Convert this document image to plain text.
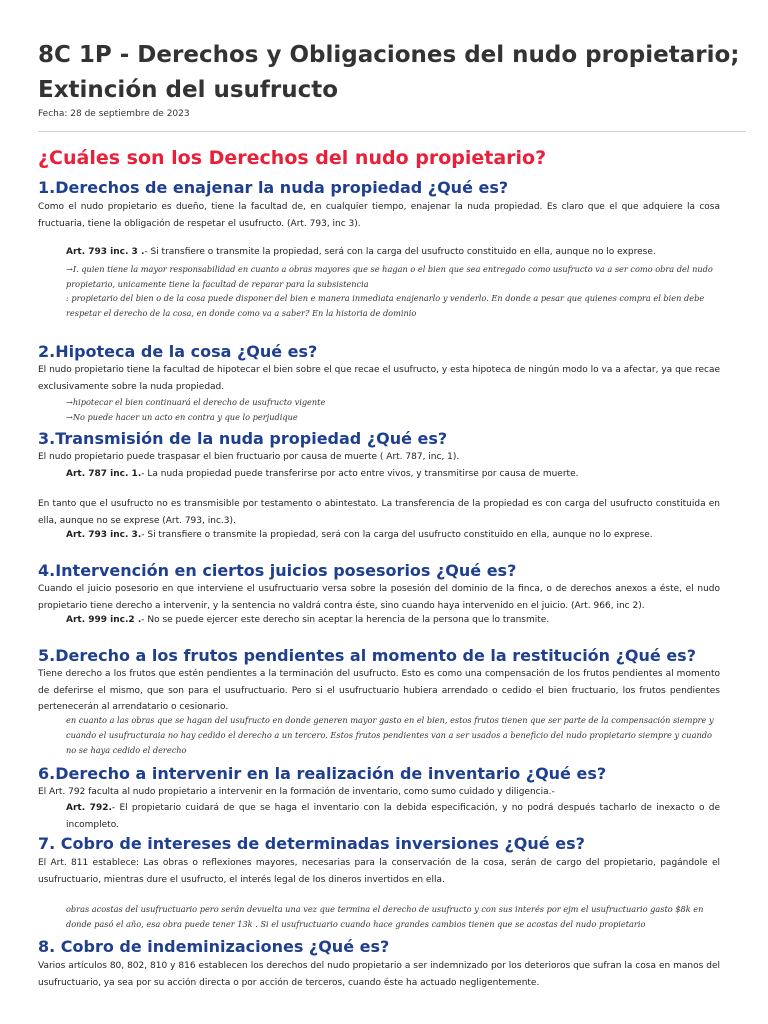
8C 1P - Derechos y Obligaciones del nudo propietario; Extinción del usufructo
Fecha: 28 de septiembre de 2023
¿Cuáles son los Derechos del nudo propietario?
1.Derechos de enajenar la nuda propiedad ¿Qué es?

Como el nudo propietario es dueño, tiene la facultad de, en cualquier tiempo, enajenar la nuda propiedad. Es claro que el que adquiere la cosa fructuaria, tiene la obligación de respetar el usufructo. (Art. 793, inc 3).

Art. 793 inc. 3 .- Si transfiere o transmite la propiedad, será con la carga del usufructo constituido en ella, aunque no lo exprese.

→I. quien tiene la mayor responsabilidad en cuanto a obras mayores que se hagan o el bien que sea entregado como usufructo va a ser como obra del nudo propietario, unicamente tiene la facultad de reparar para la subsistencia

: propietario del bien o de la cosa puede disponer del bien e manera inmediata enajenarlo y venderlo. En donde a pesar que quienes compra el bien debe respetar el derecho de la cosa, en donde como va a saber? En la historia de dominio

2.Hipoteca de la cosa ¿Qué es?

El nudo propietario tiene la facultad de hipotecar el bien sobre el que recae el usufructo, y esta hipoteca de ningún modo lo va a afectar, ya que recae exclusivamente sobre la nuda propiedad.

→hipotecar el bien continuará el derecho de usufructo vigente

→No puede hacer un acto en contra y que lo perjudique

3.Transmisión de la nuda propiedad ¿Qué es?

El nudo propietario puede traspasar el bien fructuario por causa de muerte ( Art. 787, inc, 1).

Art. 787 inc. 1.- La nuda propiedad puede transferirse por acto entre vivos, y transmitirse por causa de muerte.

En tanto que el usufructo no es transmisible por testamento o abintestato. La transferencia de la propiedad es con carga del usufructo constituida en ella, aunque no se exprese (Art. 793, inc.3).

Art. 793 inc. 3.- Si transfiere o transmite la propiedad, será con la carga del usufructo constituido en ella, aunque no lo exprese.

4.Intervención en ciertos juicios posesorios ¿Qué es?

Cuando el juicio posesorio en que interviene el usufructuario versa sobre la posesión del dominio de la finca, o de derechos anexos a éste, el nudo propietario tiene derecho a intervenir, y la sentencia no valdrá contra éste, sino cuando haya intervenido en el juicio. (Art. 966, inc 2).

Art. 999 inc.2 .- No se puede ejercer este derecho sin aceptar la herencia de la persona que lo transmite.

5.Derecho a los frutos pendientes al momento de la restitución ¿Qué es?

Tiene derecho a los frutos que estén pendientes a la terminación del usufructo. Esto es como una compensación de los frutos pendientes al momento de deferirse el mismo, que son para el usufructuario. Pero si el usufructuario hubiera arrendado o cedido el bien fructuario, los frutos pendientes pertenecerán al arrendatario o cesionario.

en cuanto a las obras que se hagan del usufructo en donde generen mayor gasto en el bien, estos frutos tienen que ser parte de la compensación siempre y cuando el usufructuraia no hay cedido el derecho a un tercero. Estos frutos pendientes van a ser usados a beneficio del nudo propietario siempre y cuando no se haya cedido el derecho

6.Derecho a intervenir en la realización de inventario ¿Qué es?

El Art. 792 faculta al nudo propietario a intervenir en la formación de inventario, como sumo cuidado y diligencia.-

Art. 792.- El propietario cuidará de que se haga el inventario con la debida especificación, y no podrá después tacharlo de inexacto o de incompleto.

7. Cobro de intereses de determinadas inversiones ¿Qué es?

El Art. 811 establece: Las obras o reflexiones mayores, necesarias para la conservación de la cosa, serán de cargo del propietario, pagándole el usufructuario, mientras dure el usufructo, el interés legal de los dineros invertidos en ella.

obras acostas del usufructuario pero serán devuelta una vez que termina el derecho de usufructo y con sus interés por ejm el usufructuario gasto $8k en donde pasó el año, esa obra puede tener 13k . Si el usufructuario cuando hace grandes cambios tienen que se acostas del nudo propietario

8. Cobro de indeminizaciones ¿Qué es?

Varios artículos 80, 802, 810 y 816 establecen los derechos del nudo propietario a ser indemnizado por los deterioros que sufran la cosa en manos del usufructuario, ya sea por su acción directa o por acción de terceros, cuando éste ha actuado negligentemente.
